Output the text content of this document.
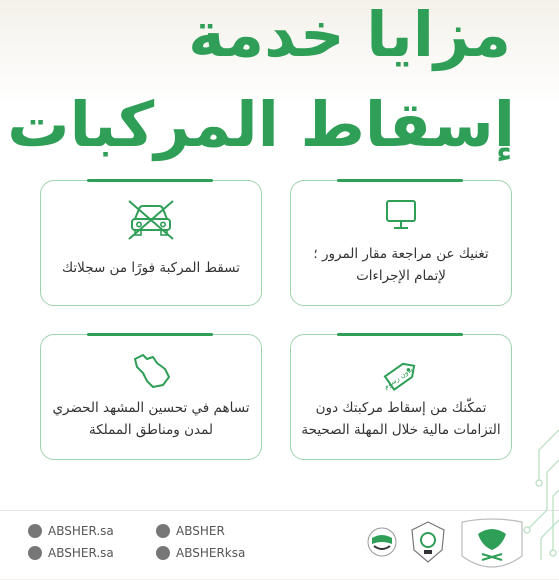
مزايا خدمة
إسقاط المركبات
تغنيك عن مراجعة مقار المرور ؛ لإتمام الإجراءات
تسقط المركبة فورًا من سجلاتك
بدون رسوم
تمكّنك من إسقاط مركبتك دون التزامات مالية خلال المهلة الصحيحة
تساهم في تحسين المشهد الحضري لمدن ومناطق المملكة
ABSHER.sa
ABSHER.sa
ABSHER
ABSHERksa
